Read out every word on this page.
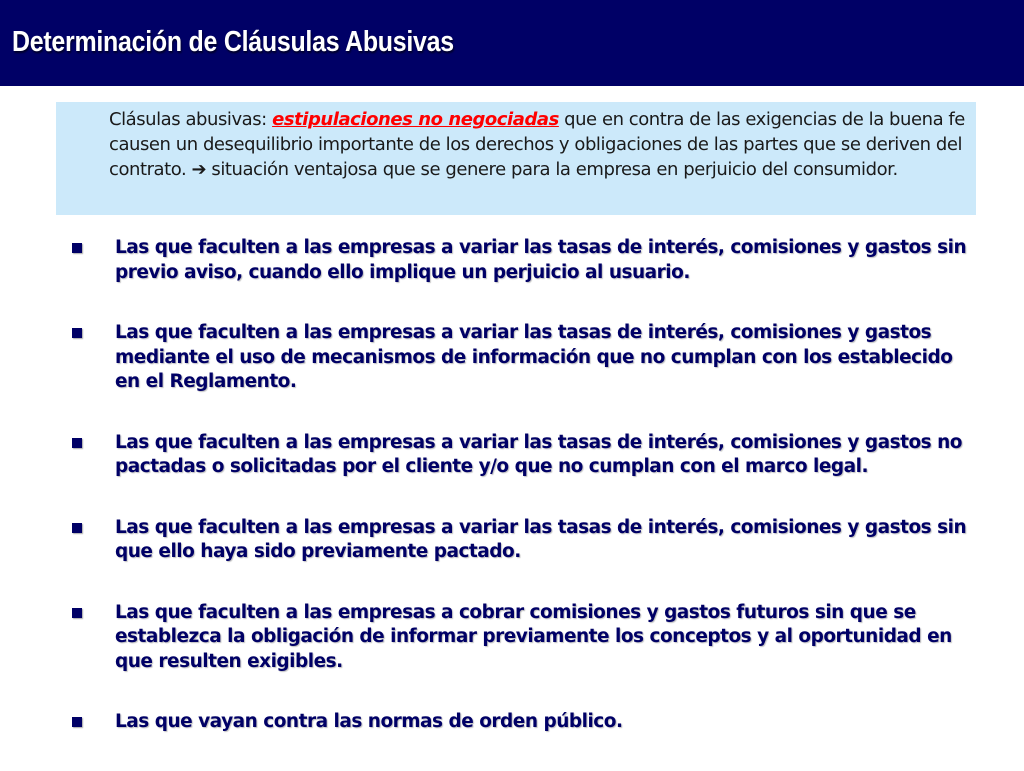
Determinación de Cláusulas Abusivas
Clásulas abusivas: estipulaciones no negociadas que en contra de las exigencias de la buena fe causen un desequilibrio importante de los derechos y obligaciones de las partes que se deriven del contrato. ➔ situación ventajosa que se genere para la empresa en perjuicio del consumidor.
Las que faculten a las empresas a variar las tasas de interés, comisiones y gastos sin previo aviso, cuando ello implique un perjuicio al usuario.
Las que faculten a las empresas a variar las tasas de interés, comisiones y gastos mediante el uso de mecanismos de información que no cumplan con los establecido en el Reglamento.
Las que faculten a las empresas a variar las tasas de interés, comisiones y gastos no pactadas o solicitadas por el cliente y/o que no cumplan con el marco legal.
Las que faculten a las empresas a variar las tasas de interés, comisiones y gastos sin que ello haya sido previamente pactado.
Las que faculten a las empresas a cobrar comisiones y gastos futuros sin que se establezca la obligación de informar previamente los conceptos y al oportunidad en que resulten exigibles.
Las que vayan contra las normas de orden público.
